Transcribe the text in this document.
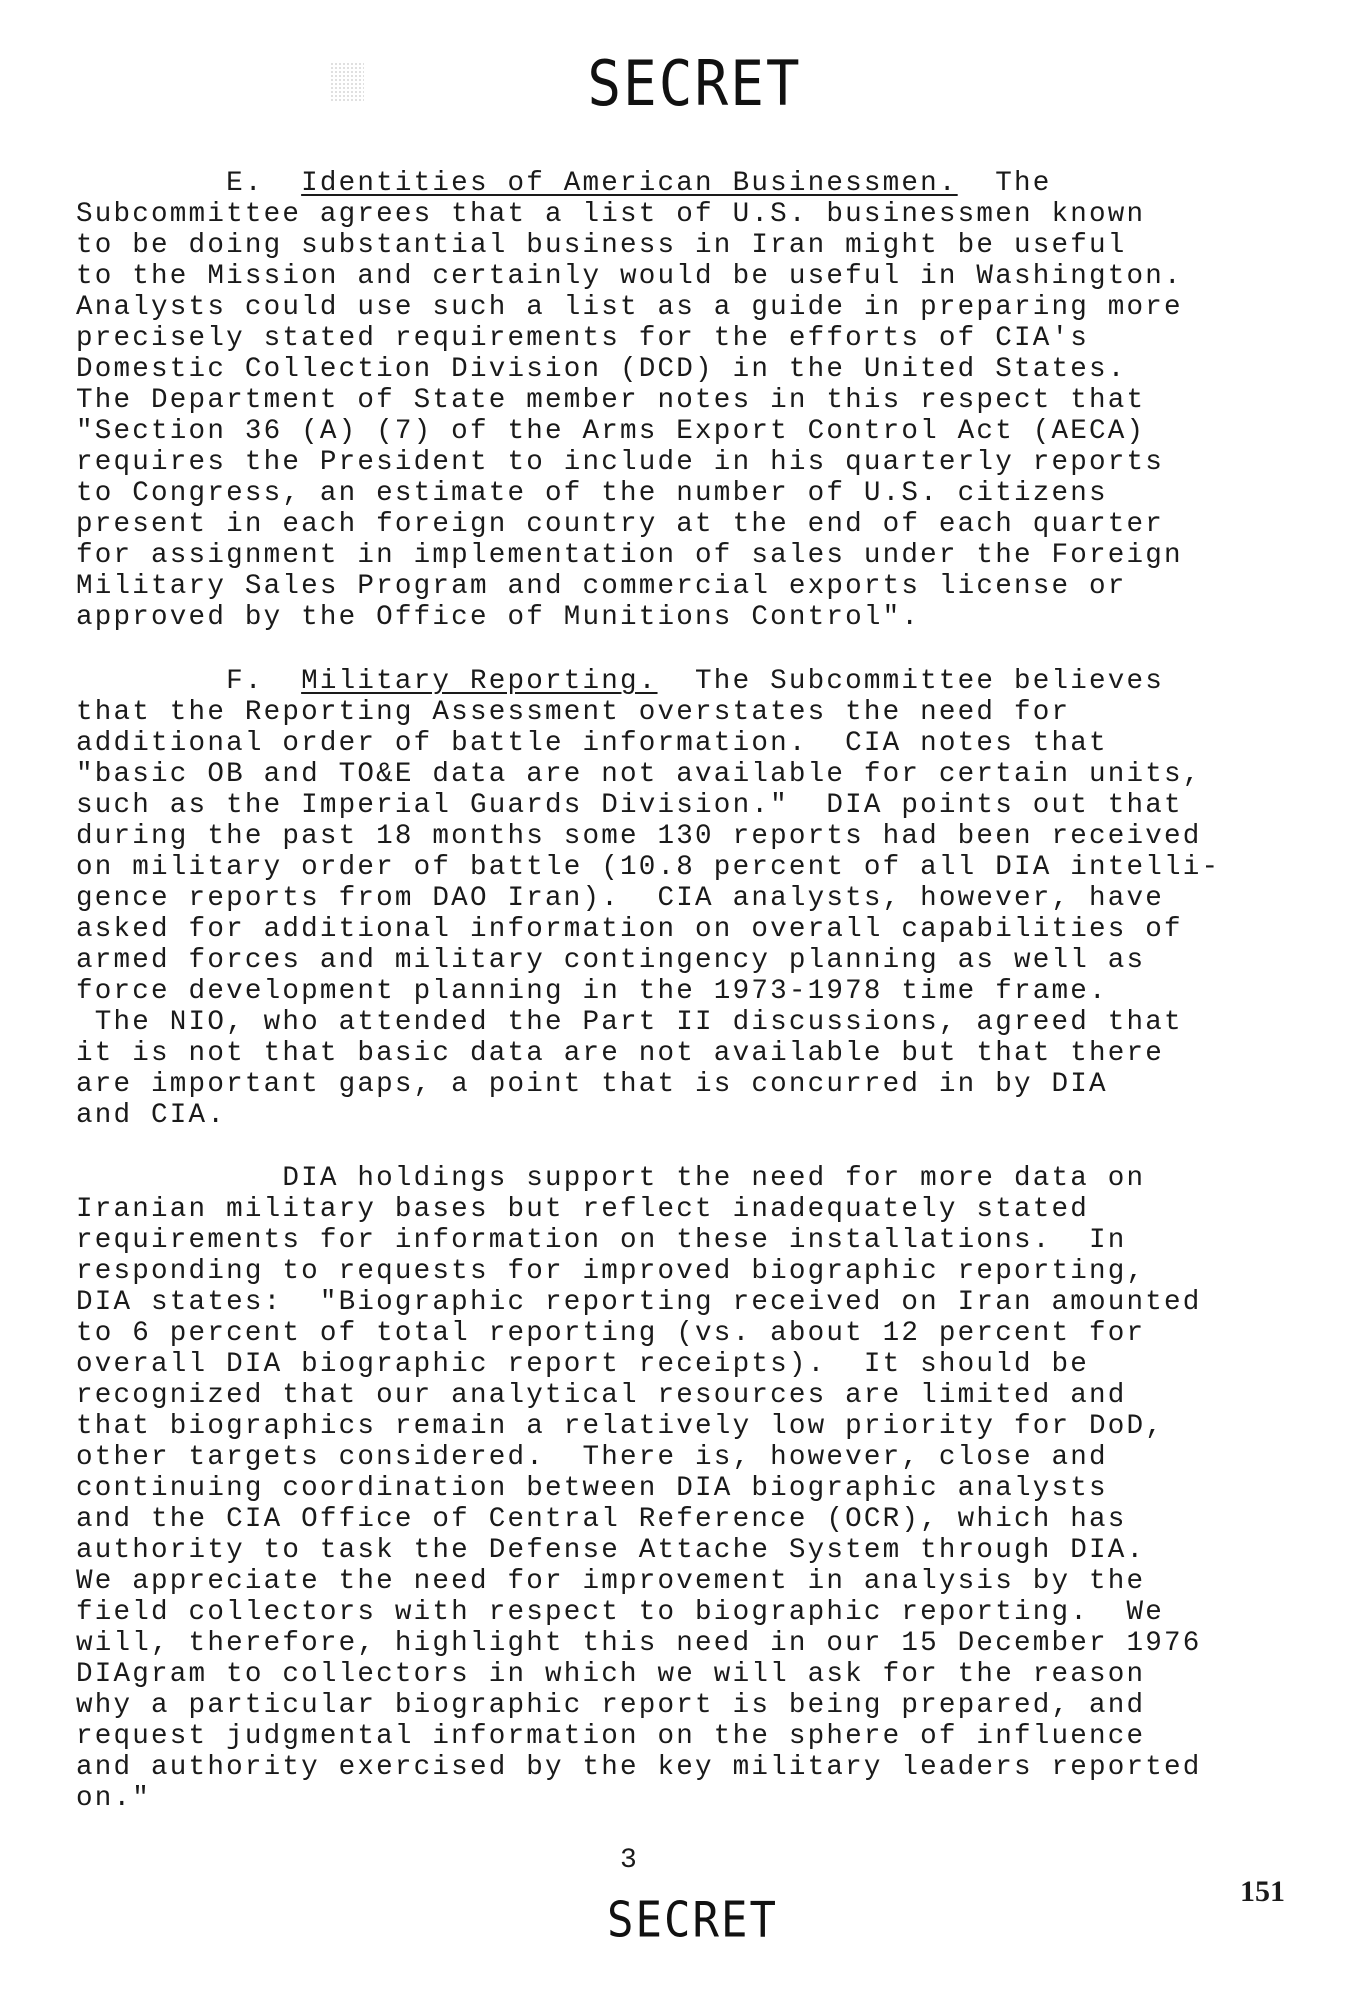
SECRET

E.  Identities of American Businessmen.  The
Subcommittee agrees that a list of U.S. businessmen known
to be doing substantial business in Iran might be useful
to the Mission and certainly would be useful in Washington.
Analysts could use such a list as a guide in preparing more
precisely stated requirements for the efforts of CIA's
Domestic Collection Division (DCD) in the United States.
The Department of State member notes in this respect that
"Section 36 (A) (7) of the Arms Export Control Act (AECA)
requires the President to include in his quarterly reports
to Congress, an estimate of the number of U.S. citizens
present in each foreign country at the end of each quarter
for assignment in implementation of sales under the Foreign
Military Sales Program and commercial exports license or
approved by the Office of Munitions Control".

F.  Military Reporting.  The Subcommittee believes
that the Reporting Assessment overstates the need for
additional order of battle information.  CIA notes that
"basic OB and TO&E data are not available for certain units,
such as the Imperial Guards Division."  DIA points out that
during the past 18 months some 130 reports had been received
on military order of battle (10.8 percent of all DIA intelli-
gence reports from DAO Iran).  CIA analysts, however, have
asked for additional information on overall capabilities of
armed forces and military contingency planning as well as
force development planning in the 1973-1978 time frame.
The NIO, who attended the Part II discussions, agreed that
it is not that basic data are not available but that there
are important gaps, a point that is concurred in by DIA
and CIA.

DIA holdings support the need for more data on
Iranian military bases but reflect inadequately stated
requirements for information on these installations.  In
responding to requests for improved biographic reporting,
DIA states:  "Biographic reporting received on Iran amounted
to 6 percent of total reporting (vs. about 12 percent for
overall DIA biographic report receipts).  It should be
recognized that our analytical resources are limited and
that biographics remain a relatively low priority for DoD,
other targets considered.  There is, however, close and
continuing coordination between DIA biographic analysts
and the CIA Office of Central Reference (OCR), which has
authority to task the Defense Attache System through DIA.
We appreciate the need for improvement in analysis by the
field collectors with respect to biographic reporting.  We
will, therefore, highlight this need in our 15 December 1976
DIAgram to collectors in which we will ask for the reason
why a particular biographic report is being prepared, and
request judgmental information on the sphere of influence
and authority exercised by the key military leaders reported
on."

3
151
SECRET
